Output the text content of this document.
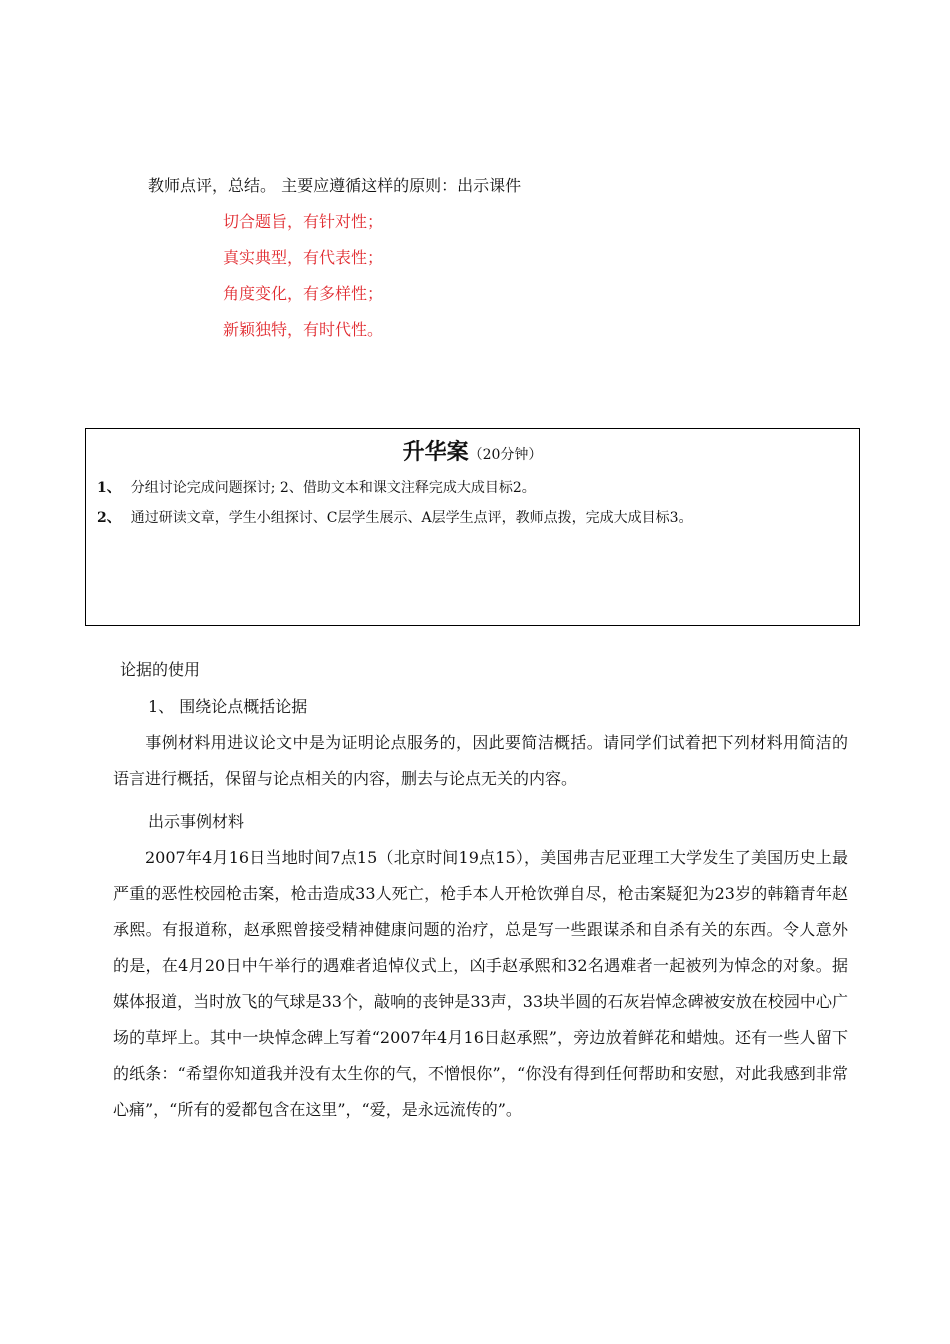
教师点评，总结。 主要应遵循这样的原则：出示课件
切合题旨，有针对性；
真实典型，有代表性；
角度变化，有多样性；
新颖独特，有时代性。
升华案（20分钟）
1、 分组讨论完成问题探讨; 2、借助文本和课文注释完成大成目标2。
2、 通过研读文章，学生小组探讨、C层学生展示、A层学生点评，教师点拨，完成大成目标3。
论据的使用
1、 围绕论点概括论据
事例材料用进议论文中是为证明论点服务的，因此要简洁概括。请同学们试着把下列材料用简洁的语言进行概括，保留与论点相关的内容，删去与论点无关的内容。
出示事例材料
2007年4月16日当地时间7点15（北京时间19点15），美国弗吉尼亚理工大学发生了美国历史上最严重的恶性校园枪击案，枪击造成33人死亡，枪手本人开枪饮弹自尽，枪击案疑犯为23岁的韩籍青年赵承熙。有报道称，赵承熙曾接受精神健康问题的治疗，总是写一些跟谋杀和自杀有关的东西。令人意外的是，在4月20日中午举行的遇难者追悼仪式上，凶手赵承熙和32名遇难者一起被列为悼念的对象。据媒体报道，当时放飞的气球是33个，敲响的丧钟是33声，33块半圆的石灰岩悼念碑被安放在校园中心广场的草坪上。其中一块悼念碑上写着“2007年4月16日赵承熙”，旁边放着鲜花和蜡烛。还有一些人留下的纸条：“希望你知道我并没有太生你的气，不憎恨你”，“你没有得到任何帮助和安慰，对此我感到非常心痛”，“所有的爱都包含在这里”，“爱，是永远流传的”。
